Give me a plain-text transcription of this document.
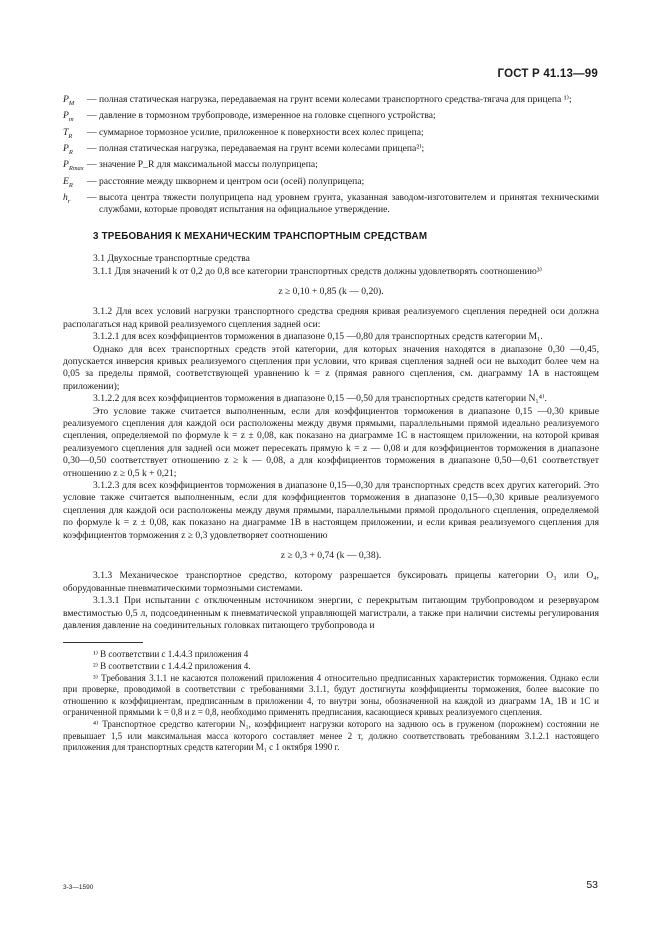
ГОСТ Р 41.13—99
$P_M$	— полная статическая нагрузка, передаваемая на грунт всеми колесами транспортного средства-тягача для прицепа ¹⁾;
$P_m$	— давление в тормозном трубопроводе, измеренное на головке сцепного устройства;
$T_R$	— суммарное тормозное усилие, приложенное к поверхности всех колес прицепа;
$P_R$	— полная статическая нагрузка, передаваемая на грунт всеми колесами прицепа²⁾;
$P_{Rmax}$ — значение P_R для максимальной массы полуприцепа;
$E_R$	— расстояние между шкворнем и центром оси (осей) полуприцепа;
$h_r$	— высота центра тяжести полуприцепа над уровнем грунта, указанная заводом-изготовителем и принятая техническими службами, которые проводят испытания на официальное утверждение.
3 ТРЕБОВАНИЯ К МЕХАНИЧЕСКИМ ТРАНСПОРТНЫМ СРЕДСТВАМ

3.1 Двухосные транспортные средства

3.1.1 Для значений k от 0,2 до 0,8 все категории транспортных средств должны удовлетворять соотношению³⁾

z ≥ 0,10 + 0,85 (k — 0,20).

3.1.2 Для всех условий нагрузки транспортного средства средняя кривая реализуемого сцепления передней оси должна располагаться над кривой реализуемого сцепления задней оси:

3.1.2.1 для всех коэффициентов торможения в диапазоне 0,15 —0,80 для транспортных средств категории M₁.

Однако для всех транспортных средств этой категории, для которых значения находятся в диапазоне 0,30 —0,45, допускается инверсия кривых реализуемого сцепления при условии, что кривая сцепления задней оси не выходит более чем на 0,05 за пределы прямой, соответствующей уравнению k = z (прямая равного сцепления, см. диаграмму 1А в настоящем приложении);

3.1.2.2 для всех коэффициентов торможения в диапазоне 0,15 —0,50 для транспортных средств категории N₁⁴⁾.

Это условие также считается выполненным, если для коэффициентов торможения в диапазоне 0,15 —0,30 кривые реализуемого сцепления для каждой оси расположены между двумя прямыми, параллельными прямой идеально реализуемого сцепления, определяемой по формуле k = z ± 0,08, как показано на диаграмме 1С в настоящем приложении, на которой кривая реализуемого сцепления для задней оси может пересекать прямую k = z — 0,08 и для коэффициентов торможения в диапазоне 0,30—0,50 соответствует отношению z ≥ k — 0,08, а для коэффициентов торможения в диапазоне 0,50—0,61 соответствует отношению z ≥ 0,5 k + 0,21;

3.1.2.3 для всех коэффициентов торможения в диапазоне 0,15—0,30 для транспортных средств всех других категорий. Это условие также считается выполненным, если для коэффициентов торможения в диапазоне 0,15—0,30 кривые реализуемого сцепления для каждой оси расположены между двумя прямыми, параллельными прямой продольного сцепления, определяемой по формуле k = z ± 0,08, как показано на диаграмме 1В в настоящем приложении, и если кривая реализуемого сцепления для коэффициентов торможения z ≥ 0,3 удовлетворяет соотношению

z ≥ 0,3 + 0,74 (k — 0,38).

3.1.3 Механическое транспортное средство, которому разрешается буксировать прицепы категории O₃ или O₄, оборудованные пневматическими тормозными системами.

3.1.3.1 При испытании с отключенным источником энергии, с перекрытым питающим трубопроводом и резервуаром вместимостью 0,5 л, подсоединенным к пневматической управляющей магистрали, а также при наличии системы регулирования давления давление на соединительных головках питающего трубопровода и

¹⁾ В соответствии с 1.4.4.3 приложения 4

²⁾ В соответствии с 1.4.4.2 приложения 4.

³⁾ Требования 3.1.1 не касаются положений приложения 4 относительно предписанных характеристик торможения. Однако если при проверке, проводимой в соответствии с требованиями 3.1.1, будут достигнуты коэффициенты торможения, более высокие по отношению к коэффициентам, предписанным в приложении 4, то внутри зоны, обозначенной на каждой из диаграмм 1А, 1В и 1С и ограниченной прямыми k = 0,8 и z = 0,8, необходимо применять предписания, касающиеся кривых реализуемого сцепления.

⁴⁾ Транспортное средство категории N₁, коэффициент нагрузки которого на заднюю ось в груженом (порожнем) состоянии не превышает 1,5 или максимальная масса которого составляет менее 2 т, должно соответствовать требованиям 3.1.2.1 настоящего приложения для транспортных средств категории M₁ с 1 октября 1990 г.

3-3—1590	53
